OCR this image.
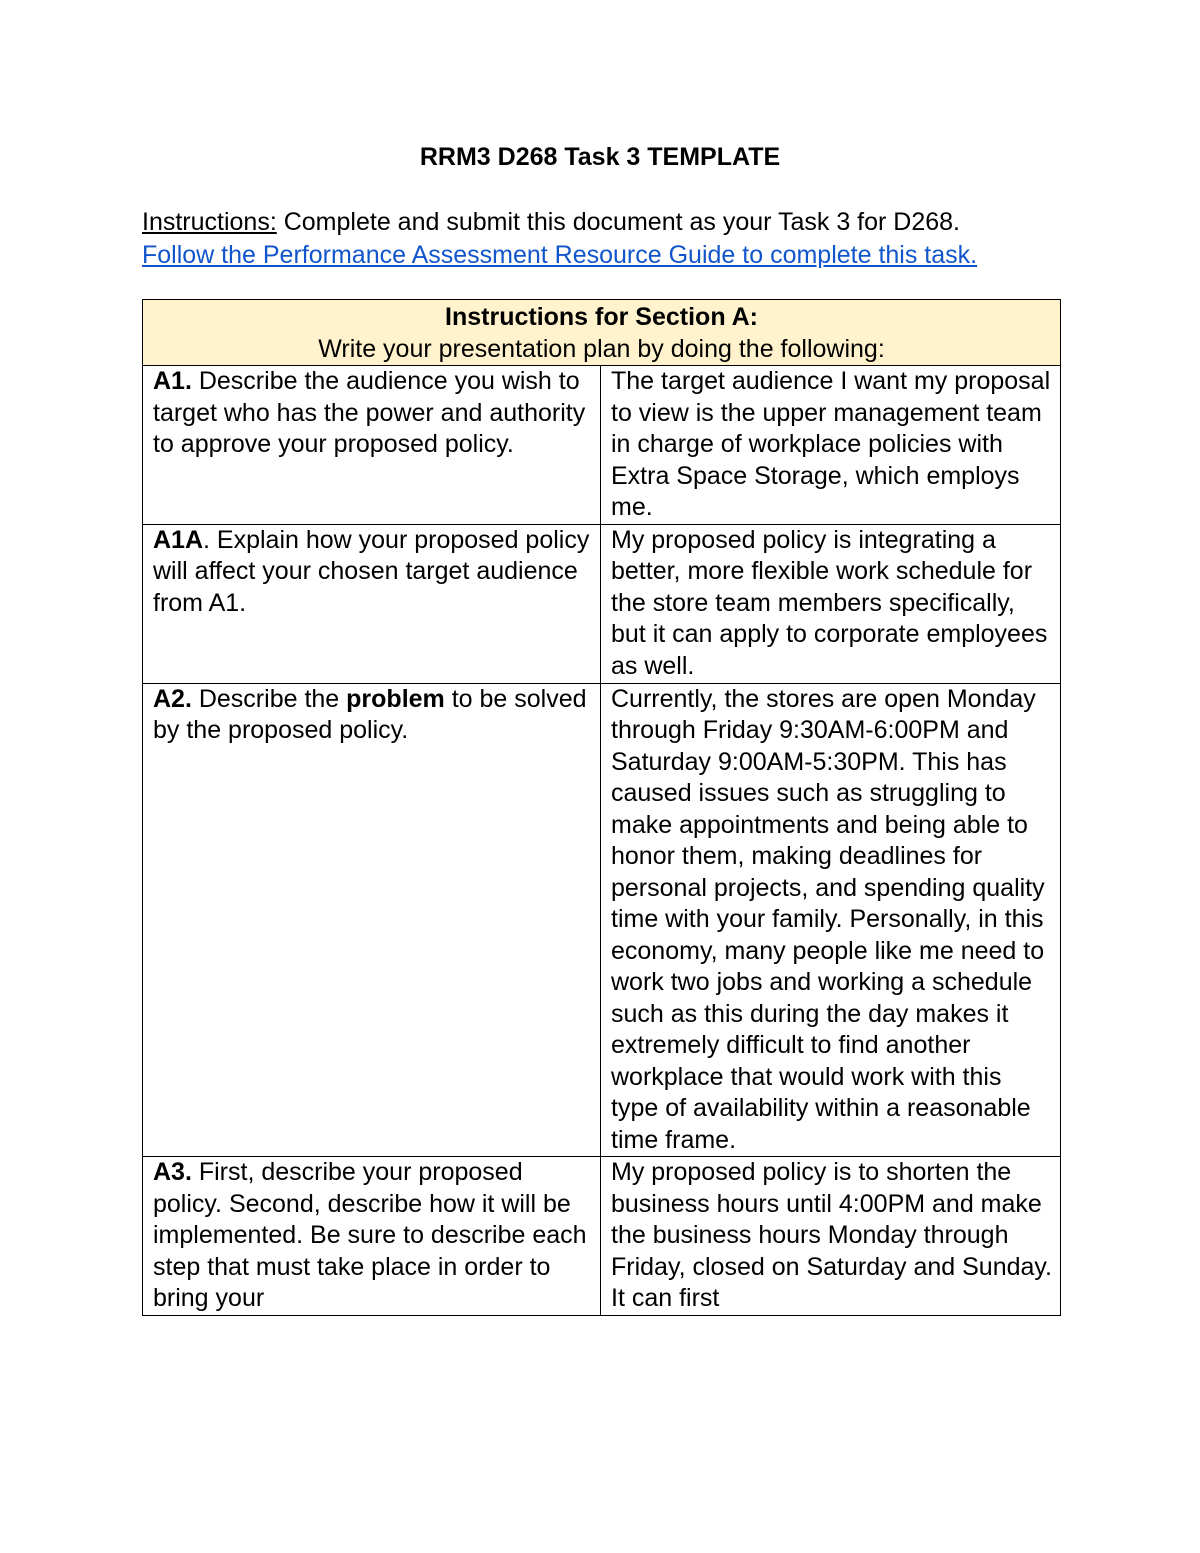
RRM3 D268 Task 3 TEMPLATE
Instructions: Complete and submit this document as your Task 3 for D268.
Follow the Performance Assessment Resource Guide to complete this task.
Instructions for Section A:
Write your presentation plan by doing the following:	

A1. Describe the audience you wish to target who has the power and authority to approve your proposed policy.	The target audience I want my proposal to view is the upper management team in charge of workplace policies with Extra Space Storage, which employs me.
A1A. Explain how your proposed policy will affect your chosen target audience from A1.	My proposed policy is integrating a better, more flexible work schedule for the store team members specifically, but it can apply to corporate employees as well.
A2. Describe the problem to be solved by the proposed policy.	Currently, the stores are open Monday through Friday 9:30AM-6:00PM and Saturday 9:00AM-5:30PM. This has caused issues such as struggling to make appointments and being able to honor them, making deadlines for personal projects, and spending quality time with your family. Personally, in this economy, many people like me need to work two jobs and working a schedule such as this during the day makes it extremely difficult to find another workplace that would work with this type of availability within a reasonable time frame.
A3. First, describe your proposed policy. Second, describe how it will be implemented. Be sure to describe each step that must take place in order to bring your	My proposed policy is to shorten the business hours until 4:00PM and make the business hours Monday through Friday, closed on Saturday and Sunday. It can first
